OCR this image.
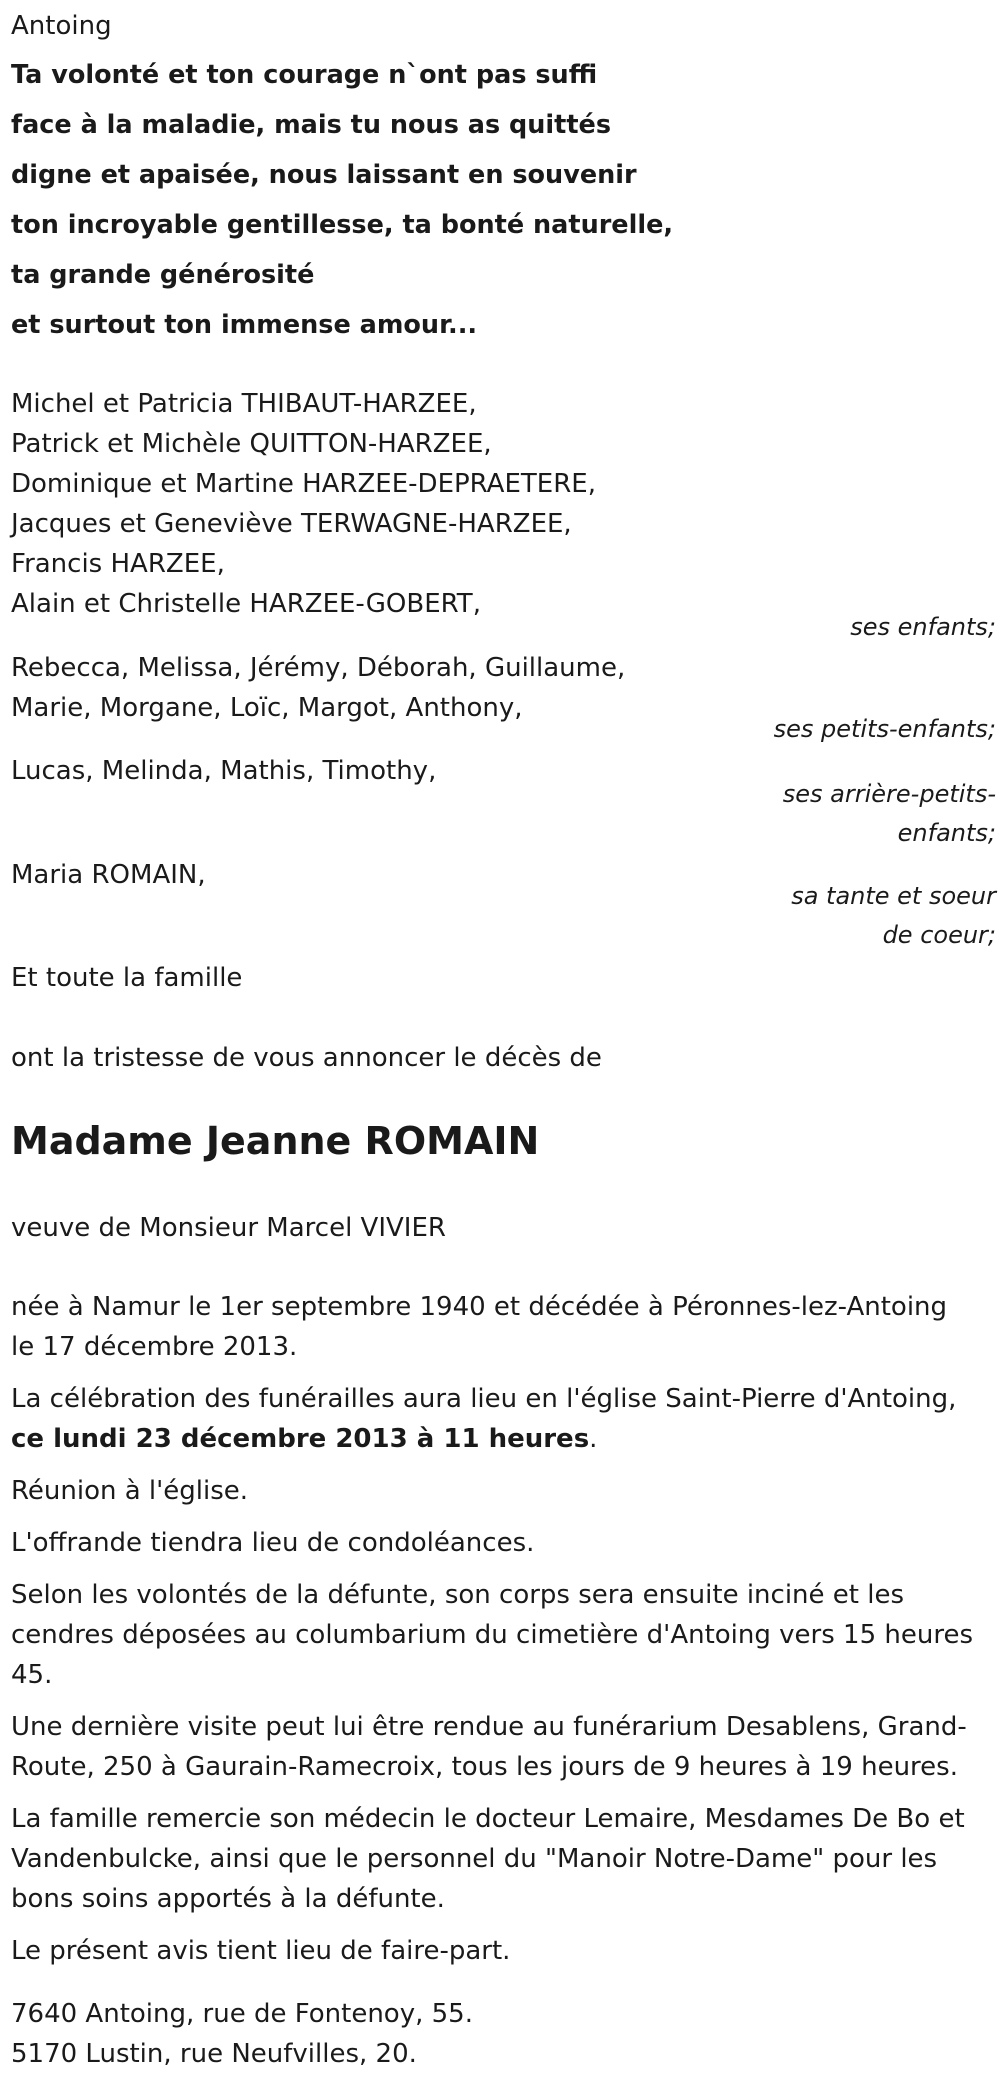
Antoing
Ta volonté et ton courage n`ont pas suffi
face à la maladie, mais tu nous as quittés
digne et apaisée, nous laissant en souvenir
ton incroyable gentillesse, ta bonté naturelle,
ta grande générosité
et surtout ton immense amour...
Michel et Patricia THIBAUT-HARZEE,
Patrick et Michèle QUITTON-HARZEE,
Dominique et Martine HARZEE-DEPRAETERE,
Jacques et Geneviève TERWAGNE-HARZEE,
Francis HARZEE,
Alain et Christelle HARZEE-GOBERT,
ses enfants;
Rebecca, Melissa, Jérémy, Déborah, Guillaume,
Marie, Morgane, Loïc, Margot, Anthony,
ses petits-enfants;
Lucas, Melinda, Mathis, Timothy,
ses arrière-petits-
enfants;
Maria ROMAIN,
sa tante et soeur
de coeur;
Et toute la famille
ont la tristesse de vous annoncer le décès de
Madame Jeanne ROMAIN
veuve de Monsieur Marcel VIVIER
née à Namur le 1er septembre 1940 et décédée à Péronnes-lez-Antoing
le 17 décembre 2013.
La célébration des funérailles aura lieu en l'église Saint-Pierre d'Antoing,
ce lundi 23 décembre 2013 à 11 heures.
Réunion à l'église.
L'offrande tiendra lieu de condoléances.
Selon les volontés de la défunte, son corps sera ensuite inciné et les cendres déposées au columbarium du cimetière d'Antoing vers 15 heures 45.
Une dernière visite peut lui être rendue au funérarium Desablens, Grand-Route, 250 à Gaurain-Ramecroix, tous les jours de 9 heures à 19 heures.
La famille remercie son médecin le docteur Lemaire, Mesdames De Bo et Vandenbulcke, ainsi que le personnel du "Manoir Notre-Dame" pour les bons soins apportés à la défunte.
Le présent avis tient lieu de faire-part.
7640 Antoing, rue de Fontenoy, 55.
5170 Lustin, rue Neufvilles, 20.
